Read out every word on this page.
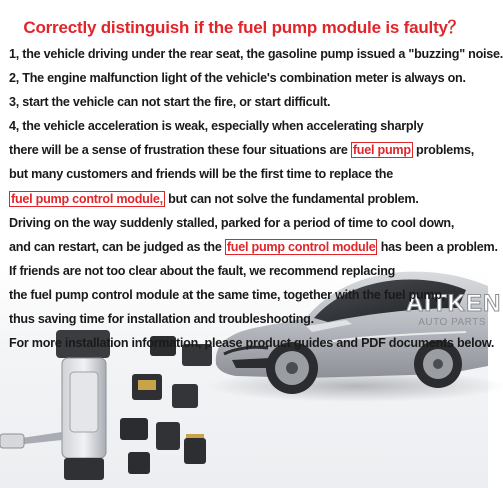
AITKEN
AUTO PARTS
Correctly distinguish if the fuel pump module is faulty？
1, the vehicle driving under the rear seat, the gasoline pump issued a "buzzing" noise.
2, The engine malfunction light of the vehicle's combination meter is always on.
3, start the vehicle can not start the fire, or start difficult.
4, the vehicle acceleration is weak, especially when accelerating sharply
there will be a sense of frustration these four situations are fuel pump problems,
but many customers and friends will be the first time to replace the
fuel pump control module, but can not solve the fundamental problem.
Driving on the way suddenly stalled, parked for a period of time to cool down,
and can restart, can be judged as the fuel pump control module has been a problem.
If friends are not too clear about the fault, we recommend replacing
the fuel pump control module at the same time, together with the fuel pump,
thus saving time for installation and troubleshooting.
For more installation information, please product guides and PDF documents below.
